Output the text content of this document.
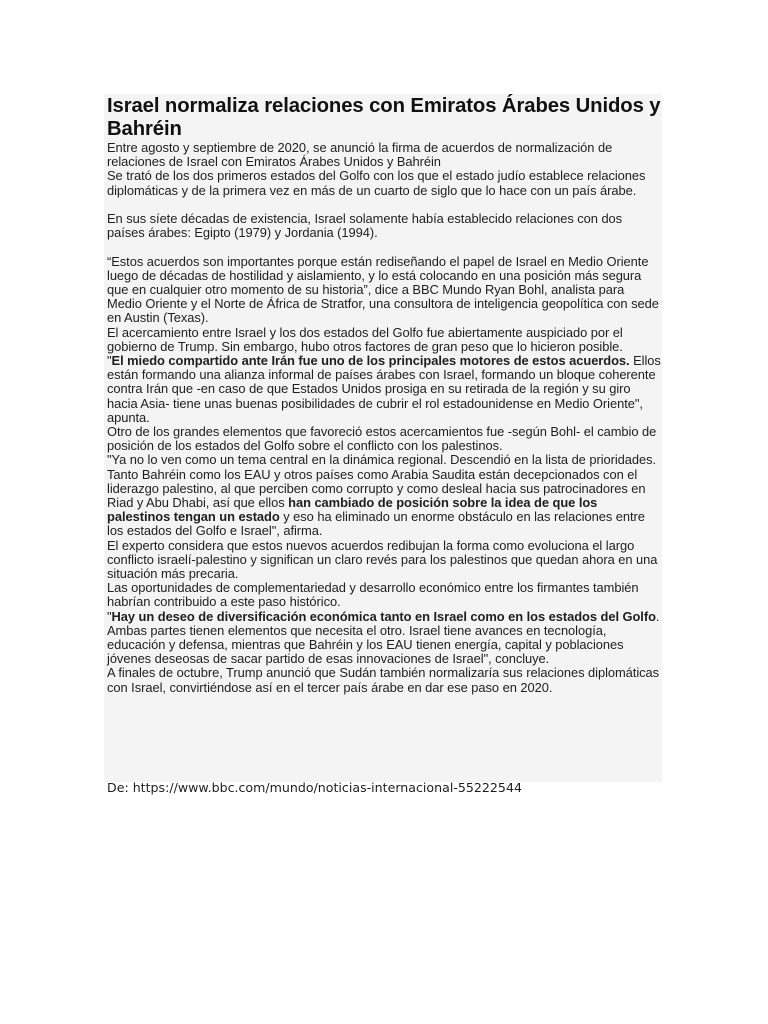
Israel normaliza relaciones con Emiratos Árabes Unidos y Bahréin

Entre agosto y septiembre de 2020, se anunció la firma de acuerdos de normalización de relaciones de Israel con Emiratos Árabes Unidos y Bahréin

Se trató de los dos primeros estados del Golfo con los que el estado judío establece relaciones diplomáticas y de la primera vez en más de un cuarto de siglo que lo hace con un país árabe.

En sus síete décadas de existencia, Israel solamente había establecido relaciones con dos países árabes: Egipto (1979) y Jordania (1994).

“Estos acuerdos son importantes porque están rediseñando el papel de Israel en Medio Oriente luego de décadas de hostilidad y aislamiento, y lo está colocando en una posición más segura que en cualquier otro momento de su historia”, dice a BBC Mundo Ryan Bohl, analista para Medio Oriente y el Norte de África de Stratfor, una consultora de inteligencia geopolítica con sede en Austin (Texas).

El acercamiento entre Israel y los dos estados del Golfo fue abiertamente auspiciado por el gobierno de Trump. Sin embargo, hubo otros factores de gran peso que lo hicieron posible.

"El miedo compartido ante Irán fue uno de los principales motores de estos acuerdos. Ellos están formando una alianza informal de países árabes con Israel, formando un bloque coherente contra Irán que -en caso de que Estados Unidos prosiga en su retirada de la región y su giro hacia Asia- tiene unas buenas posibilidades de cubrir el rol estadounidense en Medio Oriente", apunta.

Otro de los grandes elementos que favoreció estos acercamientos fue -según Bohl- el cambio de posición de los estados del Golfo sobre el conflicto con los palestinos.

"Ya no lo ven como un tema central en la dinámica regional. Descendió en la lista de prioridades. Tanto Bahréin como los EAU y otros países como Arabia Saudita están decepcionados con el liderazgo palestino, al que perciben como corrupto y como desleal hacia sus patrocinadores en Riad y Abu Dhabi, así que ellos han cambiado de posición sobre la idea de que los palestinos tengan un estado y eso ha eliminado un enorme obstáculo en las relaciones entre los estados del Golfo e Israel", afirma.

El experto considera que estos nuevos acuerdos redibujan la forma como evoluciona el largo conflicto israelí-palestino y significan un claro revés para los palestinos que quedan ahora en una situación más precaria.

Las oportunidades de complementariedad y desarrollo económico entre los firmantes también habrían contribuido a este paso histórico.

"Hay un deseo de diversificación económica tanto en Israel como en los estados del Golfo. Ambas partes tienen elementos que necesita el otro. Israel tiene avances en tecnología, educación y defensa, mientras que Bahréin y los EAU tienen energía, capital y poblaciones jóvenes deseosas de sacar partido de esas innovaciones de Israel", concluye.

A finales de octubre, Trump anunció que Sudán también normalizaría sus relaciones diplomáticas con Israel, convirtiéndose así en el tercer país árabe en dar ese paso en 2020.

De: https://www.bbc.com/mundo/noticias-internacional-55222544
